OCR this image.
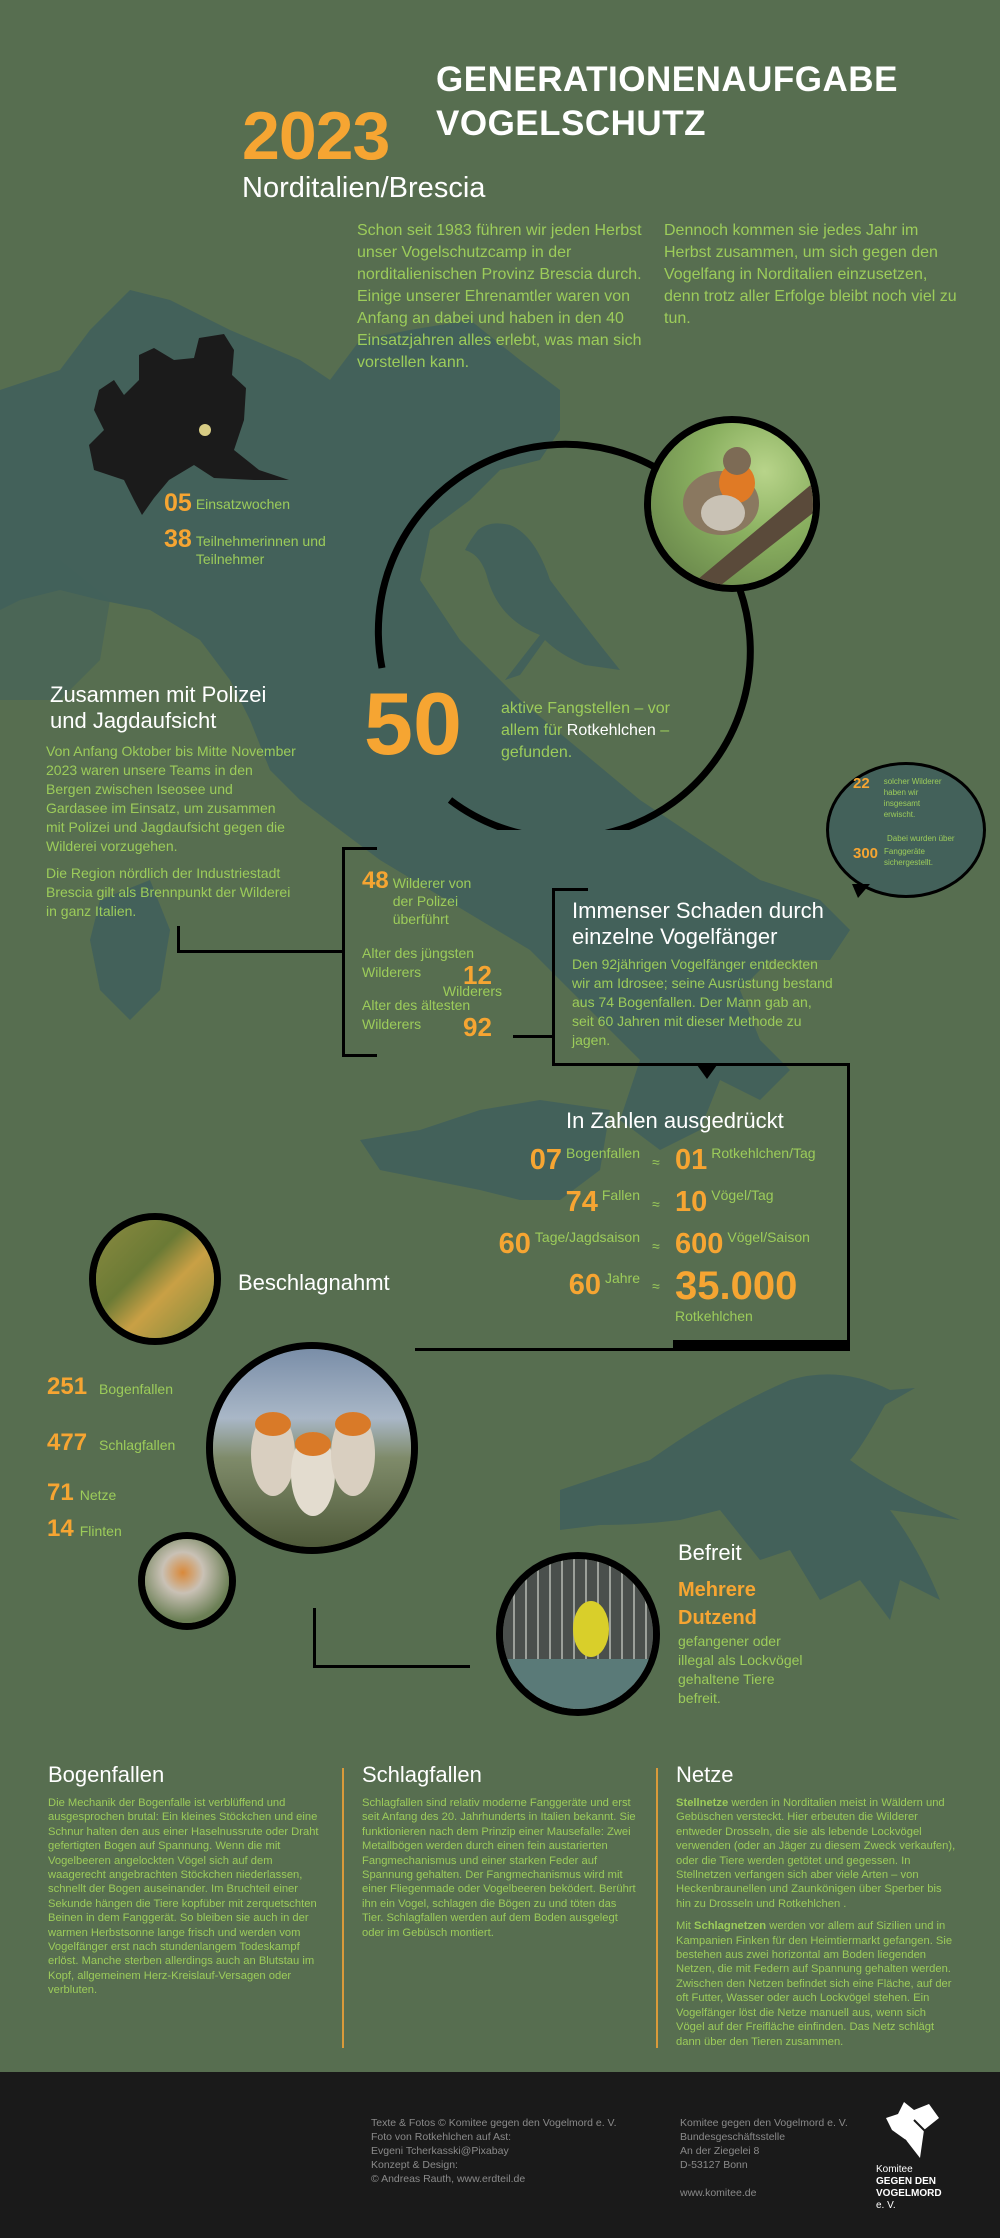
GENERATIONENAUFGABE
VOGELSCHUTZ
2023
Norditalien/Brescia
Schon seit 1983 führen wir jeden Herbst unser Vogelschutzcamp in der norditalienischen Provinz Brescia durch. Einige unserer Ehrenamtler waren von Anfang an dabei und haben in den 40 Einsatzjahren alles erlebt, was man sich vorstellen kann.
Dennoch kommen sie jedes Jahr im Herbst zusammen, um sich gegen den Vogelfang in Norditalien einzusetzen, denn trotz aller Erfolge bleibt noch viel zu tun.
05 Einsatzwochen
38 Teilnehmerinnen und Teilnehmer
50 aktive Fangstellen – vor allem für Rotkehlchen – gefunden.
Zusammen mit Polizei und Jagdaufsicht

Von Anfang Oktober bis Mitte November 2023 waren unsere Teams in den Bergen zwischen Iseosee und Gardasee im Einsatz, um zusammen mit Polizei und Jagdaufsicht gegen die Wilderei vorzugehen.

Die Region nördlich der Industriestadt Brescia gilt als Brennpunkt der Wilderei in ganz Italien.

48 Wilderer von der Polizei überführt
Alter des jüngsten Wilderers
Wilderers
12
Alter des ältesten Wilderers	92
22 solcher Wilderer haben wir insgesamt erwischt.
Dabei wurden über
300 Fanggeräte sichergestellt.
Immenser Schaden durch einzelne Vogelfänger
Den 92jährigen Vogelfänger entdeckten wir am Idrosee; seine Ausrüstung bestand aus 74 Bogenfallen. Der Mann gab an, seit 60 Jahren mit dieser Methode zu jagen.
In Zahlen ausgedrückt
07 Bogenfallen
≈ 01 Rotkehlchen/Tag
74 Fallen
≈ 10 Vögel/Tag
60 Tage/Jagdsaison
≈ 600 Vögel/Saison
60 Jahre ≈ 35.000
Rotkehlchen
Beschlagnahmt
251 Bogenfallen
477 Schlagfallen
71 Netze
14 Flinten
Befreit
Mehrere
Dutzend
gefangener oder illegal als Lockvögel gehaltene Tiere befreit.
Bogenfallen

Die Mechanik der Bogenfalle ist verblüffend und ausgesprochen brutal: Ein kleines Stöckchen und eine Schnur halten den aus einer Haselnussrute oder Draht gefertigten Bogen auf Spannung. Wenn die mit Vogelbeeren angelockten Vögel sich auf dem waagerecht angebrachten Stöckchen niederlassen, schnellt der Bogen auseinander. Im Bruchteil einer Sekunde hängen die Tiere kopfüber mit zerquetschten Beinen in dem Fanggerät. So bleiben sie auch in der warmen Herbstsonne lange frisch und werden vom Vogelfänger erst nach stundenlangem Todeskampf erlöst. Manche sterben allerdings auch an Blutstau im Kopf, allgemeinem Herz-Kreislauf-Versagen oder verbluten.

Schlagfallen

Schlagfallen sind relativ moderne Fanggeräte und erst seit Anfang des 20. Jahrhunderts in Italien bekannt. Sie funktionieren nach dem Prinzip einer Mausefalle: Zwei Metallbögen werden durch einen fein austarierten Fangmechanismus und einer starken Feder auf Spannung gehalten. Der Fangmechanismus wird mit einer Fliegenmade oder Vogelbeeren beködert. Berührt ihn ein Vogel, schlagen die Bögen zu und töten das Tier. Schlagfallen werden auf dem Boden ausgelegt oder im Gebüsch montiert.

Netze

Stellnetze werden in Norditalien meist in Wäldern und Gebüschen versteckt. Hier erbeuten die Wilderer entweder Drosseln, die sie als lebende Lockvögel verwenden (oder an Jäger zu diesem Zweck verkaufen), oder die Tiere werden getötet und gegessen. In Stellnetzen verfangen sich aber viele Arten – von Heckenbraunellen und Zaunkönigen über Sperber bis hin zu Drosseln und Rotkehlchen .

Mit Schlagnetzen werden vor allem auf Sizilien und in Kampanien Finken für den Heimtiermarkt gefangen. Sie bestehen aus zwei horizontal am Boden liegenden Netzen, die mit Federn auf Spannung gehalten werden. Zwischen den Netzen befindet sich eine Fläche, auf der oft Futter, Wasser oder auch Lockvögel stehen. Ein Vogelfänger löst die Netze manuell aus, wenn sich Vögel auf der Freifläche einfinden. Das Netz schlägt dann über den Tieren zusammen.

Texte & Fotos © Komitee gegen den Vogelmord e. V.
Foto von Rotkehlchen auf Ast:
Evgeni Tcherkasski@Pixabay
Konzept & Design:
© Andreas Rauth, www.erdteil.de
Komitee gegen den Vogelmord e. V.
Bundesgeschäftsstelle
An der Ziegelei 8
D-53127 Bonn
www.komitee.de
Komitee
GEGEN DEN
VOGELMORD
e. V.
